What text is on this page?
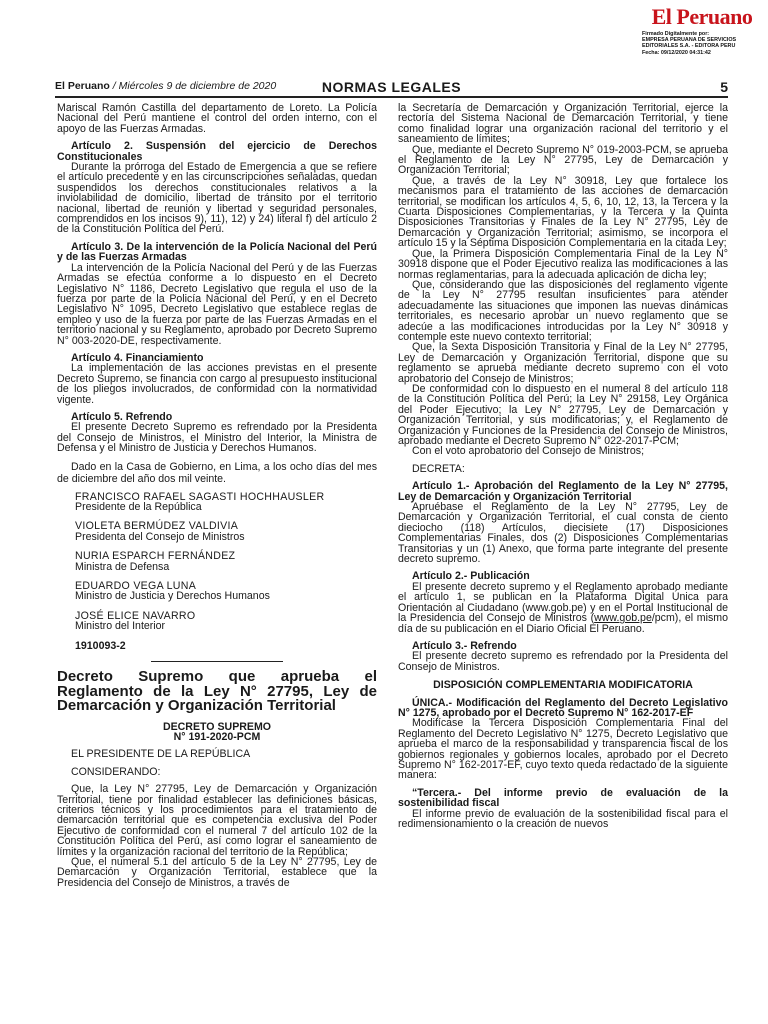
El Peruano
Firmado Digitalmente por:
EMPRESA PERUANA DE SERVICIOS
EDITORIALES S.A. - EDITORA PERU
Fecha: 09/12/2020 04:31:42
El Peruano / Miércoles 9 de diciembre de 2020	NORMAS LEGALES	5

Mariscal Ramón Castilla del departamento de Loreto. La Policía Nacional del Perú mantiene el control del orden interno, con el apoyo de las Fuerzas Armadas.

Artículo 2. Suspensión del ejercicio de Derechos Constitucionales

Durante la prórroga del Estado de Emergencia a que se refiere el artículo precedente y en las circunscripciones señaladas, quedan suspendidos los derechos constitucionales relativos a la inviolabilidad de domicilio, libertad de tránsito por el territorio nacional, libertad de reunión y libertad y seguridad personales, comprendidos en los incisos 9), 11), 12) y 24) literal f) del artículo 2 de la Constitución Política del Perú.

Artículo 3. De la intervención de la Policía Nacional del Perú y de las Fuerzas Armadas

La intervención de la Policía Nacional del Perú y de las Fuerzas Armadas se efectúa conforme a lo dispuesto en el Decreto Legislativo N° 1186, Decreto Legislativo que regula el uso de la fuerza por parte de la Policía Nacional del Perú, y en el Decreto Legislativo N° 1095, Decreto Legislativo que establece reglas de empleo y uso de la fuerza por parte de las Fuerzas Armadas en el territorio nacional y su Reglamento, aprobado por Decreto Supremo N° 003-2020-DE, respectivamente.

Artículo 4. Financiamiento

La implementación de las acciones previstas en el presente Decreto Supremo, se financia con cargo al presupuesto institucional de los pliegos involucrados, de conformidad con la normatividad vigente.

Artículo 5. Refrendo

El presente Decreto Supremo es refrendado por la Presidenta del Consejo de Ministros, el Ministro del Interior, la Ministra de Defensa y el Ministro de Justicia y Derechos Humanos.

Dado en la Casa de Gobierno, en Lima, a los ocho días del mes de diciembre del año dos mil veinte.

FRANCISCO RAFAEL SAGASTI HOCHHAUSLER
Presidente de la República
VIOLETA BERMÚDEZ VALDIVIA
Presidenta del Consejo de Ministros
NURIA ESPARCH FERNÁNDEZ
Ministra de Defensa
EDUARDO VEGA LUNA
Ministro de Justicia y Derechos Humanos
JOSÉ ELICE NAVARRO
Ministro del Interior
1910093-2
Decreto Supremo que aprueba el Reglamento de la Ley N° 27795, Ley de Demarcación y Organización Territorial
DECRETO SUPREMO
N° 191-2020-PCM

EL PRESIDENTE DE LA REPÚBLICA

CONSIDERANDO:

Que, la Ley N° 27795, Ley de Demarcación y Organización Territorial, tiene por finalidad establecer las definiciones básicas, criterios técnicos y los procedimientos para el tratamiento de demarcación territorial que es competencia exclusiva del Poder Ejecutivo de conformidad con el numeral 7 del artículo 102 de la Constitución Política del Perú, así como lograr el saneamiento de límites y la organización racional del territorio de la República;

Que, el numeral 5.1 del artículo 5 de la Ley N° 27795, Ley de Demarcación y Organización Territorial, establece que la Presidencia del Consejo de Ministros, a través de

la Secretaría de Demarcación y Organización Territorial, ejerce la rectoría del Sistema Nacional de Demarcación Territorial, y tiene como finalidad lograr una organización racional del territorio y el saneamiento de límites;

Que, mediante el Decreto Supremo N° 019-2003-PCM, se aprueba el Reglamento de la Ley N° 27795, Ley de Demarcación y Organización Territorial;

Que, a través de la Ley N° 30918, Ley que fortalece los mecanismos para el tratamiento de las acciones de demarcación territorial, se modifican los artículos 4, 5, 6, 10, 12, 13, la Tercera y la Cuarta Disposiciones Complementarias, y la Tercera y la Quinta Disposiciones Transitorias y Finales de la Ley N° 27795, Ley de Demarcación y Organización Territorial; asimismo, se incorpora el artículo 15 y la Séptima Disposición Complementaria en la citada Ley;

Que, la Primera Disposición Complementaria Final de la Ley N° 30918 dispone que el Poder Ejecutivo realiza las modificaciones a las normas reglamentarias, para la adecuada aplicación de dicha ley;

Que, considerando que las disposiciones del reglamento vigente de la Ley N° 27795 resultan insuficientes para atender adecuadamente las situaciones que imponen las nuevas dinámicas territoriales, es necesario aprobar un nuevo reglamento que se adecúe a las modificaciones introducidas por la Ley N° 30918 y contemple este nuevo contexto territorial;

Que, la Sexta Disposición Transitoria y Final de la Ley N° 27795, Ley de Demarcación y Organización Territorial, dispone que su reglamento se aprueba mediante decreto supremo con el voto aprobatorio del Consejo de Ministros;

De conformidad con lo dispuesto en el numeral 8 del artículo 118 de la Constitución Política del Perú; la Ley N° 29158, Ley Orgánica del Poder Ejecutivo; la Ley N° 27795, Ley de Demarcación y Organización Territorial, y sus modificatorias; y, el Reglamento de Organización y Funciones de la Presidencia del Consejo de Ministros, aprobado mediante el Decreto Supremo N° 022-2017-PCM;

Con el voto aprobatorio del Consejo de Ministros;

DECRETA:

Artículo 1.- Aprobación del Reglamento de la Ley N° 27795, Ley de Demarcación y Organización Territorial

Apruébase el Reglamento de la Ley N° 27795, Ley de Demarcación y Organización Territorial, el cual consta de ciento dieciocho (118) Artículos, diecisiete (17) Disposiciones Complementarias Finales, dos (2) Disposiciones Complementarias Transitorias y un (1) Anexo, que forma parte integrante del presente decreto supremo.

Artículo 2.- Publicación

El presente decreto supremo y el Reglamento aprobado mediante el artículo 1, se publican en la Plataforma Digital Única para Orientación al Ciudadano (www.gob.pe) y en el Portal Institucional de la Presidencia del Consejo de Ministros (www.gob.pe/pcm), el mismo día de su publicación en el Diario Oficial El Peruano.

Artículo 3.- Refrendo

El presente decreto supremo es refrendado por la Presidenta del Consejo de Ministros.

DISPOSICIÓN COMPLEMENTARIA MODIFICATORIA
ÚNICA.- Modificación del Reglamento del Decreto Legislativo N° 1275, aprobado por el Decreto Supremo N° 162-2017-EF

Modifícase la Tercera Disposición Complementaria Final del Reglamento del Decreto Legislativo N° 1275, Decreto Legislativo que aprueba el marco de la responsabilidad y transparencia fiscal de los gobiernos regionales y gobiernos locales, aprobado por el Decreto Supremo N° 162-2017-EF, cuyo texto queda redactado de la siguiente manera:

“Tercera.- Del informe previo de evaluación de la sostenibilidad fiscal

El informe previo de evaluación de la sostenibilidad fiscal para el redimensionamiento o la creación de nuevos
